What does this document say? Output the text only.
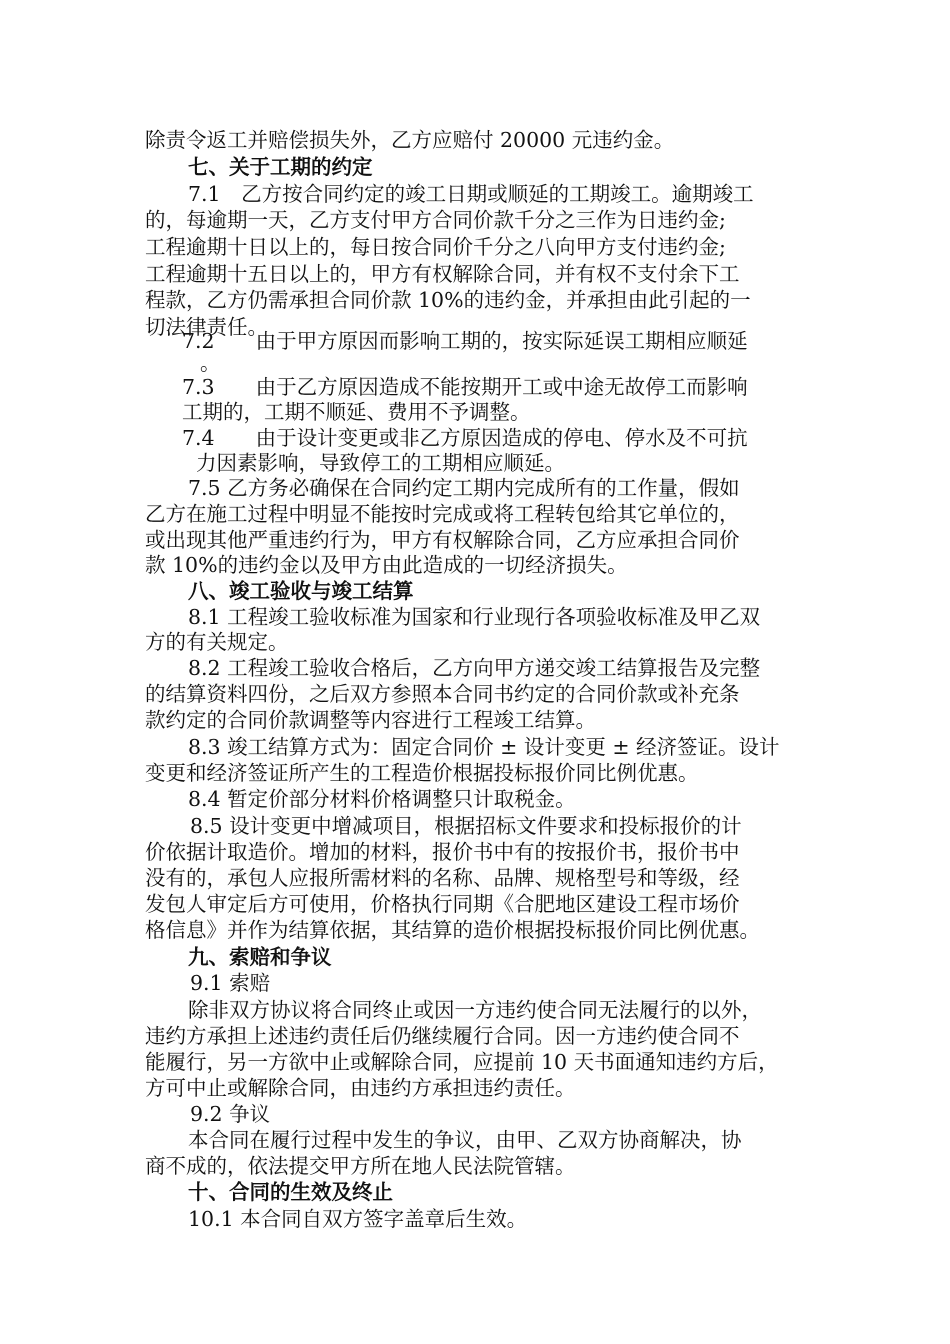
除责令返工并赔偿损失外，乙方应赔付 20000 元违约金。
七、关于工期的约定
7.1　乙方按合同约定的竣工日期或顺延的工期竣工。逾期竣工
的，每逾期一天，乙方支付甲方合同价款千分之三作为日违约金;
工程逾期十日以上的，每日按合同价千分之八向甲方支付违约金;
工程逾期十五日以上的，甲方有权解除合同，并有权不支付余下工
程款，乙方仍需承担合同价款 10%的违约金，并承担由此引起的一
切法律责任。
7.2　　由于甲方原因而影响工期的，按实际延误工期相应顺延
。
7.3　　由于乙方原因造成不能按期开工或中途无故停工而影响
工期的，工期不顺延、费用不予调整。
7.4　　由于设计变更或非乙方原因造成的停电、停水及不可抗
力因素影响，导致停工的工期相应顺延。
7.5 乙方务必确保在合同约定工期内完成所有的工作量，假如
乙方在施工过程中明显不能按时完成或将工程转包给其它单位的，
或出现其他严重违约行为，甲方有权解除合同，乙方应承担合同价
款 10%的违约金以及甲方由此造成的一切经济损失。
八、竣工验收与竣工结算
8.1 工程竣工验收标准为国家和行业现行各项验收标准及甲乙双
方的有关规定。
8.2 工程竣工验收合格后，乙方向甲方递交竣工结算报告及完整
的结算资料四份，之后双方参照本合同书约定的合同价款或补充条
款约定的合同价款调整等内容进行工程竣工结算。
8.3 竣工结算方式为：固定合同价 ± 设计变更 ± 经济签证。设计
变更和经济签证所产生的工程造价根据投标报价同比例优惠。
8.4 暂定价部分材料价格调整只计取税金。
8.5 设计变更中增减项目，根据招标文件要求和投标报价的计
价依据计取造价。增加的材料，报价书中有的按报价书，报价书中
没有的，承包人应报所需材料的名称、品牌、规格型号和等级，经
发包人审定后方可使用，价格执行同期《合肥地区建设工程市场价
格信息》并作为结算依据，其结算的造价根据投标报价同比例优惠。
九、索赔和争议
9.1 索赔
除非双方协议将合同终止或因一方违约使合同无法履行的以外，
违约方承担上述违约责任后仍继续履行合同。因一方违约使合同不
能履行，另一方欲中止或解除合同，应提前 10 天书面通知违约方后，
方可中止或解除合同，由违约方承担违约责任。
9.2 争议
本合同在履行过程中发生的争议，由甲、乙双方协商解决，协
商不成的，依法提交甲方所在地人民法院管辖。
十、合同的生效及终止
10.1 本合同自双方签字盖章后生效。
